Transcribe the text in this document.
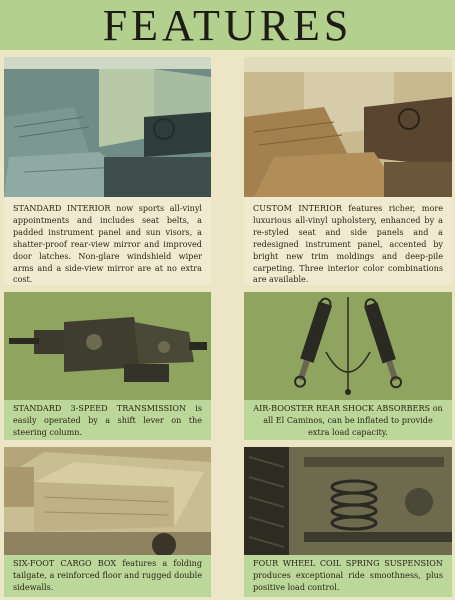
FEATURES
STANDARD INTERIOR now sports all-vinyl appointments and includes seat belts, a padded instrument panel and sun visors, a shatter-proof rear-view mirror and improved door latches. Non-glare windshield wiper arms and a side-view mirror are at no extra cost.
CUSTOM INTERIOR features richer, more luxurious all-vinyl upholstery, enhanced by a re-styled seat and side panels and a redesigned instrument panel, accented by bright new trim moldings and deep-pile carpeting. Three interior color combinations are available.
STANDARD 3-SPEED TRANSMISSION is easily operated by a shift lever on the steering column.
AIR-BOOSTER REAR SHOCK ABSORBERS on all El Caminos, can be inflated to provide extra load capacity.
SIX-FOOT CARGO BOX features a folding tailgate, a reinforced floor and rugged double sidewalls.
FOUR WHEEL COIL SPRING SUSPENSION produces exceptional ride smoothness, plus positive load control.
